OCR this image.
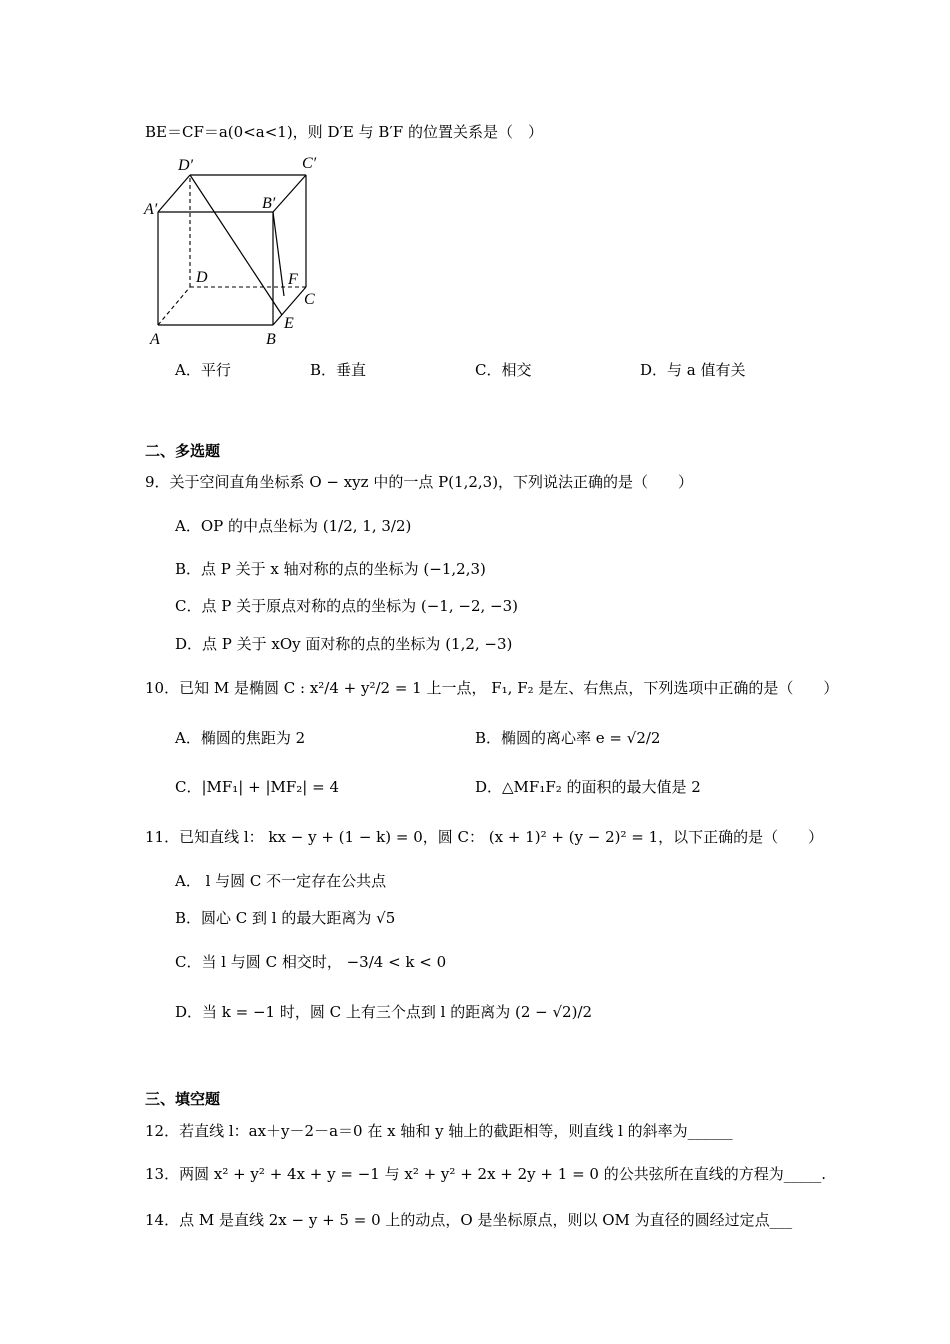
BE＝CF＝a(0<a<1)，则 D′E 与 B′F 的位置关系是（　）
D′	C′
A′	B′
D	F
C
E
A	B
A．平行	B．垂直	C．相交	D．与 a 值有关
二、多选题
9．关于空间直角坐标系 O − xyz 中的一点 P(1,2,3)，下列说法正确的是（　　）
A．OP 的中点坐标为 (1/2, 1, 3/2)
B．点 P 关于 x 轴对称的点的坐标为 (−1,2,3)
C．点 P 关于原点对称的点的坐标为 (−1, −2, −3)
D．点 P 关于 xOy 面对称的点的坐标为 (1,2, −3)
10．已知 M 是椭圆 C : x²/4 + y²/2 = 1 上一点， F₁, F₂ 是左、右焦点，下列选项中正确的是（　　）
A．椭圆的焦距为 2	B．椭圆的离心率 e = √2/2
C．|MF₁| + |MF₂| = 4	D．△MF₁F₂ 的面积的最大值是 2
11．已知直线 l： kx − y + (1 − k) = 0，圆 C： (x + 1)² + (y − 2)² = 1，以下正确的是（　　）
A． l 与圆 C 不一定存在公共点
B．圆心 C 到 l 的最大距离为 √5
C．当 l 与圆 C 相交时， −3/4 < k < 0
D．当 k = −1 时，圆 C 上有三个点到 l 的距离为 (2 − √2)/2
三、填空题
12．若直线 l：ax＋y－2－a＝0 在 x 轴和 y 轴上的截距相等，则直线 l 的斜率为______
13．两圆 x² + y² + 4x + y = −1 与 x² + y² + 2x + 2y + 1 = 0 的公共弦所在直线的方程为_____.
14．点 M 是直线 2x − y + 5 = 0 上的动点，O 是坐标原点，则以 OM 为直径的圆经过定点___
